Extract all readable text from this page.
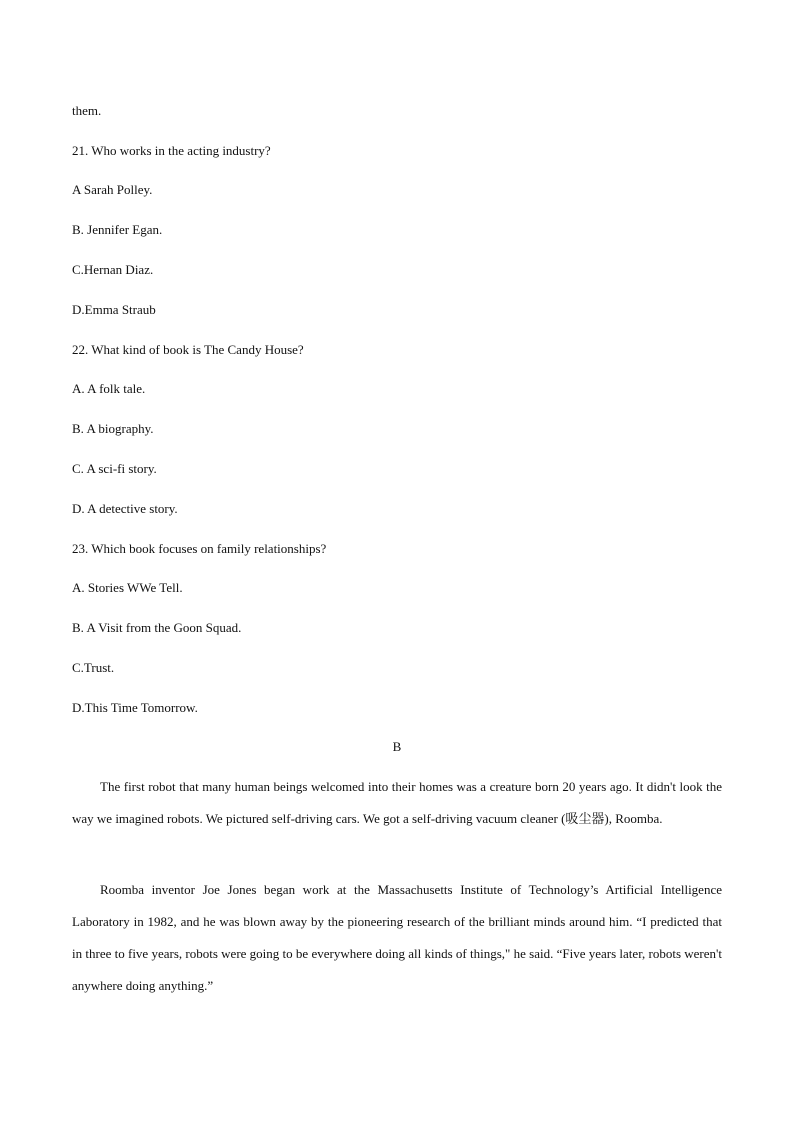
them.
21. Who works in the acting industry?
A Sarah Polley.
B. Jennifer Egan.
C.Hernan Diaz.
D.Emma Straub
22. What kind of book is The Candy House?
A. A folk tale.
B. A biography.
C. A sci-fi story.
D. A detective story.
23. Which book focuses on family relationships?
A. Stories WWe Tell.
B. A Visit from the Goon Squad.
C.Trust.
D.This Time Tomorrow.
B
The first robot that many human beings welcomed into their homes was a creature born 20 years ago. It didn't look the way we imagined robots. We pictured self-driving cars. We got a self-driving vacuum cleaner (吸尘器), Roomba.
Roomba inventor Joe Jones began work at the Massachusetts Institute of Technology’s Artificial Intelligence Laboratory in 1982, and he was blown away by the pioneering research of the brilliant minds around him. “I predicted that in three to five years, robots were going to be everywhere doing all kinds of things," he said. “Five years later, robots weren't anywhere doing anything.”
